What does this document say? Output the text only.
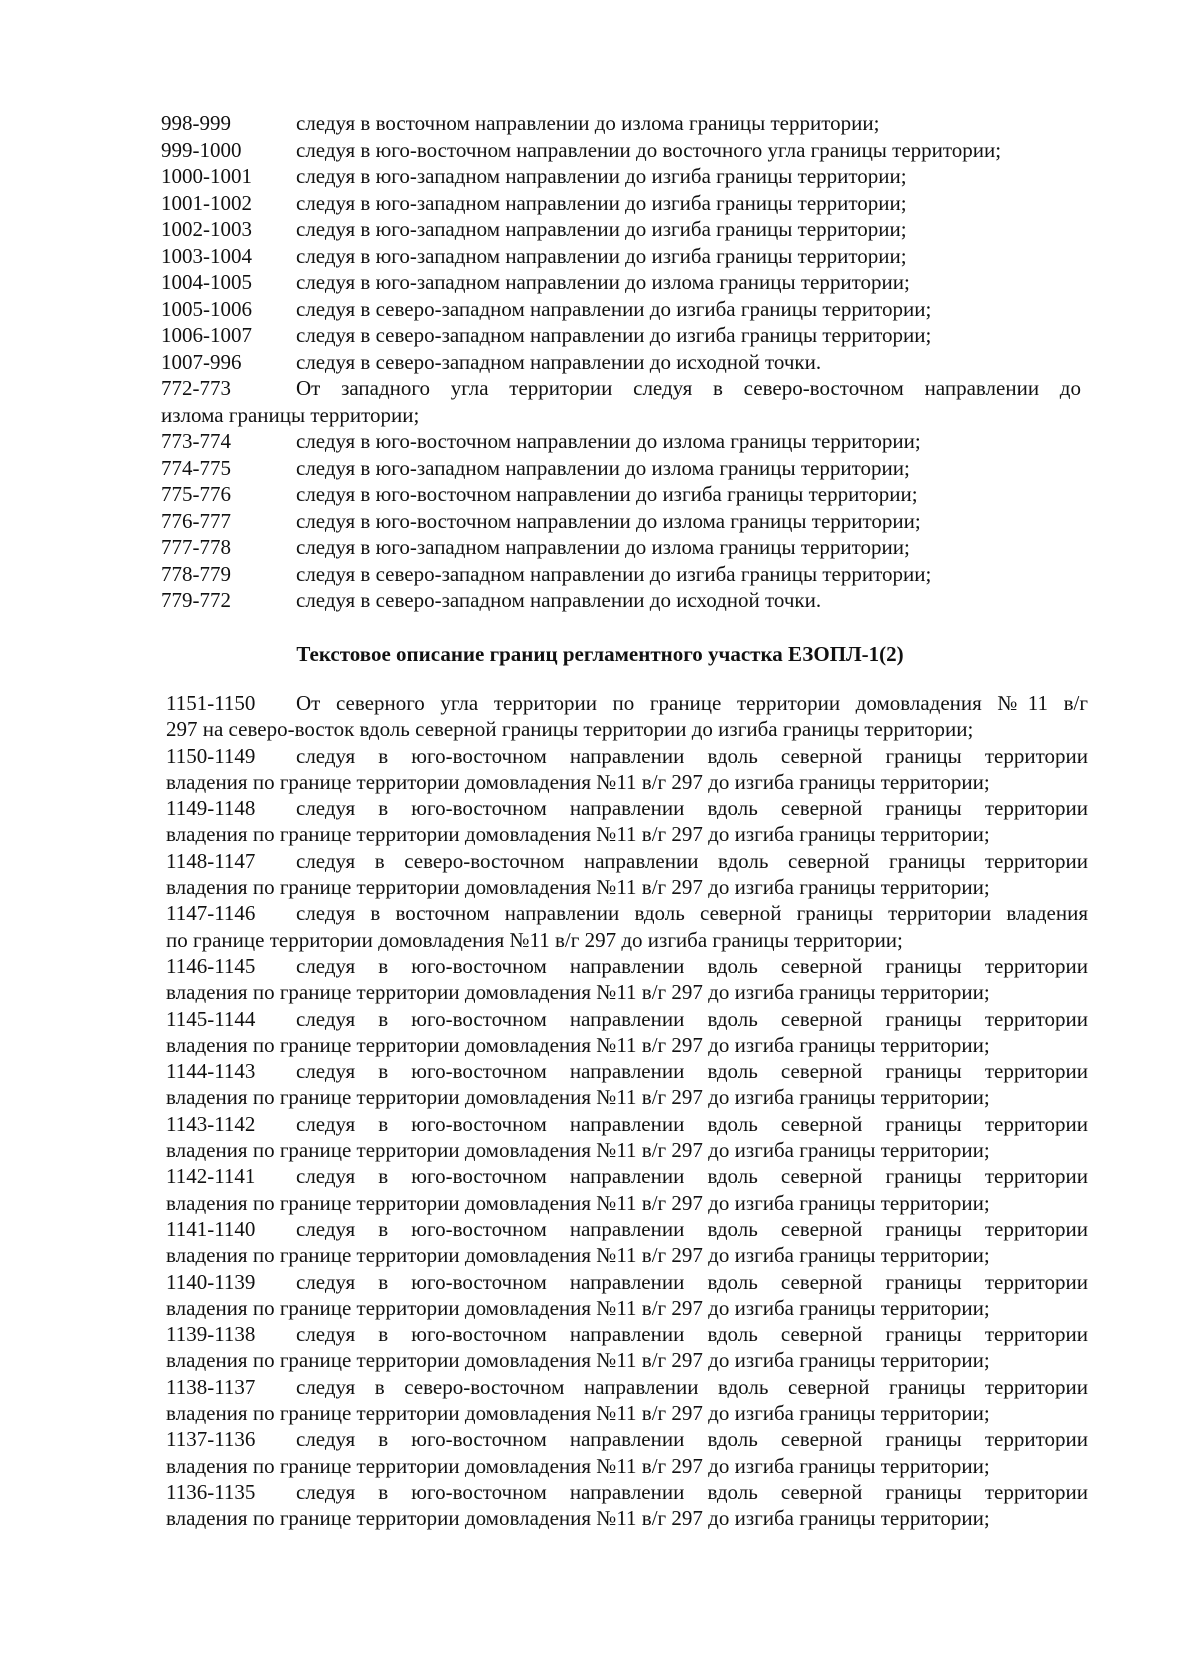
998-999	следуя в восточном направлении до излома границы территории;
999-1000	следуя в юго-восточном направлении до восточного угла границы территории;
1000-1001	следуя в юго-западном направлении до изгиба границы территории;
1001-1002	следуя в юго-западном направлении до изгиба границы территории;
1002-1003	следуя в юго-западном направлении до изгиба границы территории;
1003-1004	следуя в юго-западном направлении до изгиба границы территории;
1004-1005	следуя в юго-западном направлении до излома границы территории;
1005-1006	следуя в северо-западном направлении до изгиба границы территории;
1006-1007	следуя в северо-западном направлении до изгиба границы территории;
1007-996	следуя в северо-западном направлении до исходной точки.
772-773	От западного угла территории следуя в северо-восточном направлении до
излома границы территории;
773-774	следуя в юго-восточном направлении до излома границы территории;
774-775	следуя в юго-западном направлении до излома границы территории;
775-776	следуя в юго-восточном направлении до изгиба границы территории;
776-777	следуя в юго-восточном направлении до излома границы территории;
777-778	следуя в юго-западном направлении до излома границы территории;
778-779	следуя в северо-западном направлении до изгиба границы территории;
779-772	следуя в северо-западном направлении до исходной точки.
Текстовое описание границ регламентного участка ЕЗОПЛ-1(2)
1151-1150	От северного угла территории по границе территории домовладения №11 в/г
297 на северо-восток вдоль северной границы территории до изгиба границы территории;
1150-1149	следуя в юго-восточном направлении вдоль северной границы территории
владения по границе территории домовладения №11 в/г 297 до изгиба границы территории;
1149-1148	следуя в юго-восточном направлении вдоль северной границы территории
владения по границе территории домовладения №11 в/г 297 до изгиба границы территории;
1148-1147	следуя в северо-восточном направлении вдоль северной границы территории
владения по границе территории домовладения №11 в/г 297 до изгиба границы территории;
1147-1146	следуя в восточном направлении вдоль северной границы территории владения
по границе территории домовладения №11 в/г 297 до изгиба границы территории;
1146-1145	следуя в юго-восточном направлении вдоль северной границы территории
владения по границе территории домовладения №11 в/г 297 до изгиба границы территории;
1145-1144	следуя в юго-восточном направлении вдоль северной границы территории
владения по границе территории домовладения №11 в/г 297 до изгиба границы территории;
1144-1143	следуя в юго-восточном направлении вдоль северной границы территории
владения по границе территории домовладения №11 в/г 297 до изгиба границы территории;
1143-1142	следуя в юго-восточном направлении вдоль северной границы территории
владения по границе территории домовладения №11 в/г 297 до изгиба границы территории;
1142-1141	следуя в юго-восточном направлении вдоль северной границы территории
владения по границе территории домовладения №11 в/г 297 до изгиба границы территории;
1141-1140	следуя в юго-восточном направлении вдоль северной границы территории
владения по границе территории домовладения №11 в/г 297 до изгиба границы территории;
1140-1139	следуя в юго-восточном направлении вдоль северной границы территории
владения по границе территории домовладения №11 в/г 297 до изгиба границы территории;
1139-1138	следуя в юго-восточном направлении вдоль северной границы территории
владения по границе территории домовладения №11 в/г 297 до изгиба границы территории;
1138-1137	следуя в северо-восточном направлении вдоль северной границы территории
владения по границе территории домовладения №11 в/г 297 до изгиба границы территории;
1137-1136	следуя в юго-восточном направлении вдоль северной границы территории
владения по границе территории домовладения №11 в/г 297 до изгиба границы территории;
1136-1135	следуя в юго-восточном направлении вдоль северной границы территории
владения по границе территории домовладения №11 в/г 297 до изгиба границы территории;
